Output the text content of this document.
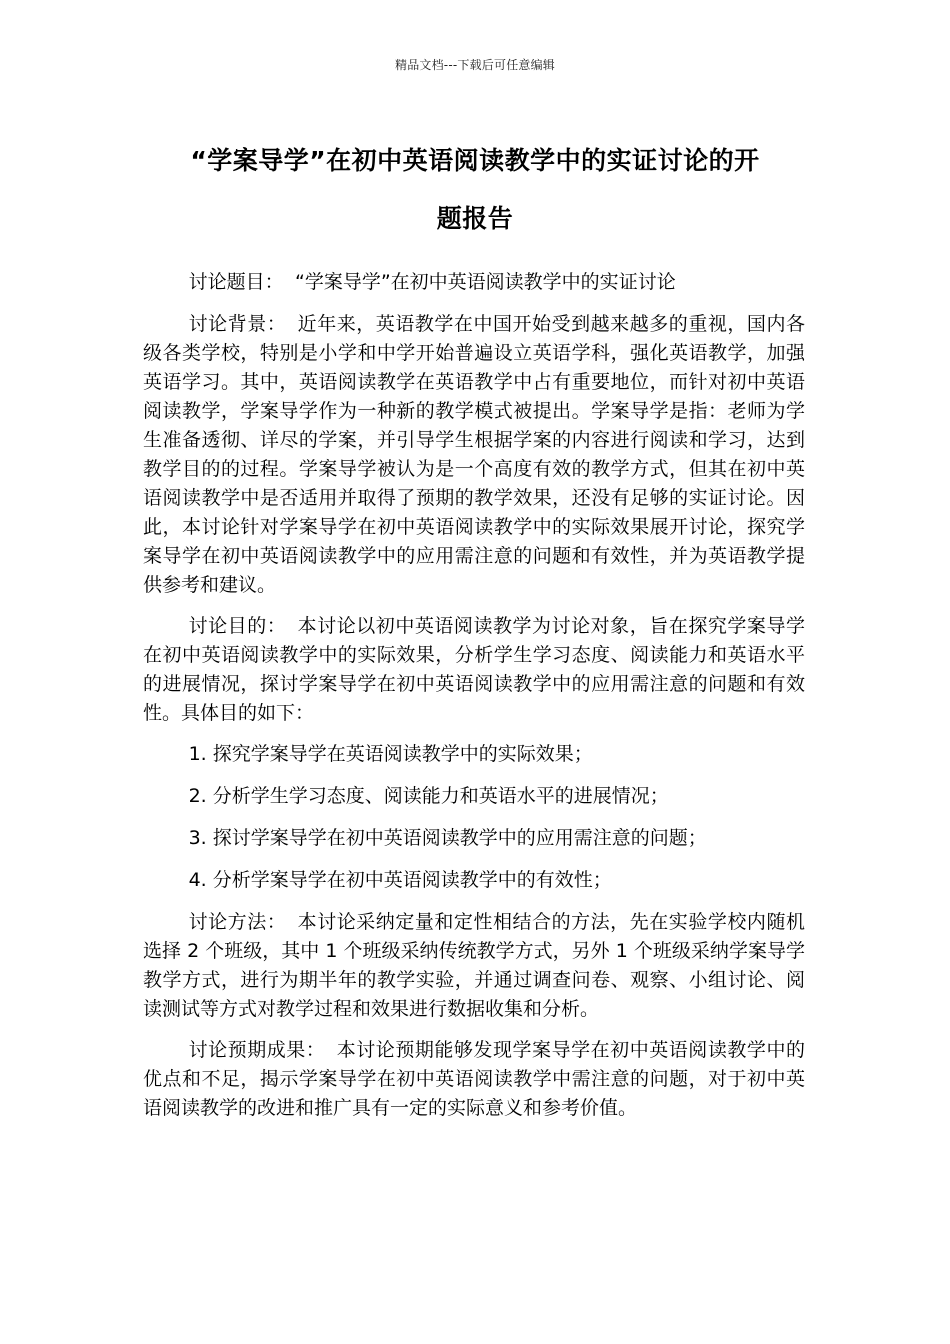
精品文档---下载后可任意编辑
“学案导学”在初中英语阅读教学中的实证讨论的开
题报告

讨论题目： “学案导学”在初中英语阅读教学中的实证讨论

讨论背景： 近年来，英语教学在中国开始受到越来越多的重视，国内各级各类学校，特别是小学和中学开始普遍设立英语学科，强化英语教学，加强英语学习。其中，英语阅读教学在英语教学中占有重要地位，而针对初中英语阅读教学，学案导学作为一种新的教学模式被提出。学案导学是指：老师为学生准备透彻、详尽的学案，并引导学生根据学案的内容进行阅读和学习，达到教学目的的过程。学案导学被认为是一个高度有效的教学方式，但其在初中英语阅读教学中是否适用并取得了预期的教学效果，还没有足够的实证讨论。因此，本讨论针对学案导学在初中英语阅读教学中的实际效果展开讨论，探究学案导学在初中英语阅读教学中的应用需注意的问题和有效性，并为英语教学提供参考和建议。

讨论目的： 本讨论以初中英语阅读教学为讨论对象，旨在探究学案导学在初中英语阅读教学中的实际效果，分析学生学习态度、阅读能力和英语水平的进展情况，探讨学案导学在初中英语阅读教学中的应用需注意的问题和有效性。具体目的如下：

1. 探究学案导学在英语阅读教学中的实际效果；
2. 分析学生学习态度、阅读能力和英语水平的进展情况；
3. 探讨学案导学在初中英语阅读教学中的应用需注意的问题；
4. 分析学案导学在初中英语阅读教学中的有效性；

讨论方法： 本讨论采纳定量和定性相结合的方法，先在实验学校内随机选择 2 个班级，其中 1 个班级采纳传统教学方式，另外 1 个班级采纳学案导学教学方式，进行为期半年的教学实验，并通过调查问卷、观察、小组讨论、阅读测试等方式对教学过程和效果进行数据收集和分析。

讨论预期成果： 本讨论预期能够发现学案导学在初中英语阅读教学中的优点和不足，揭示学案导学在初中英语阅读教学中需注意的问题，对于初中英语阅读教学的改进和推广具有一定的实际意义和参考价值。
